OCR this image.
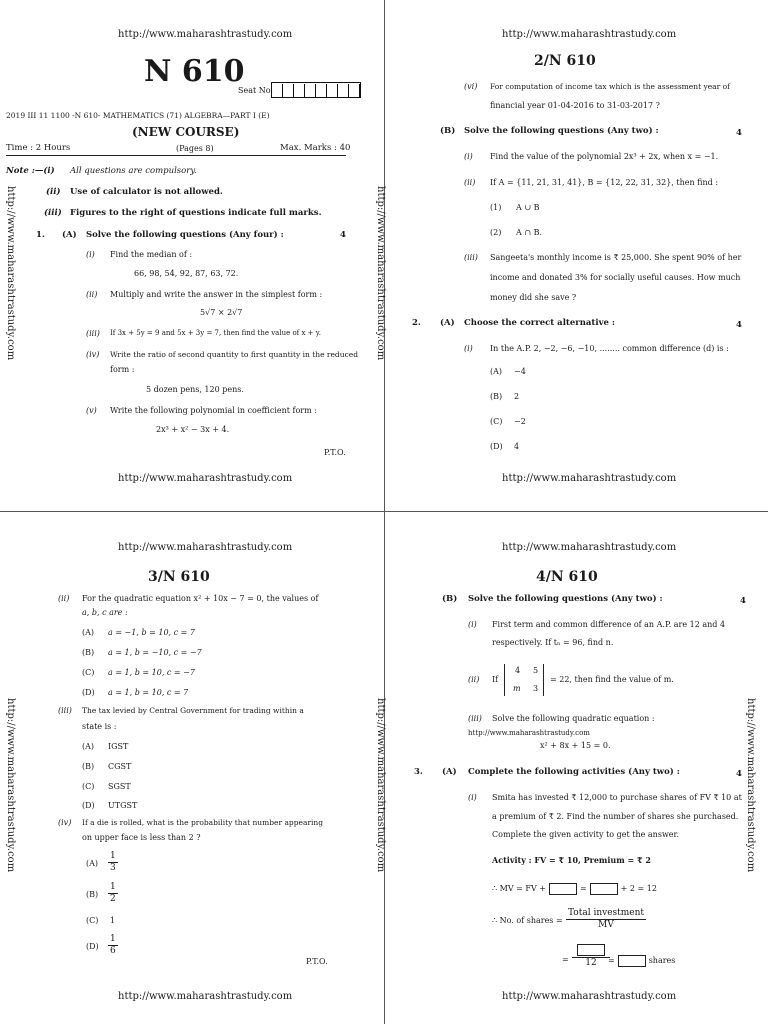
http://www.maharashtrastudy.com
http://www.maharashtrastudy.com
N 610
Seat No.
2019 III 11 1100 -N 610- MATHEMATICS (71) ALGEBRA—PART I (E)
(NEW COURSE)
Time : 2 Hours	(Pages 8)	Max. Marks : 40
Note :—(i) All questions are compulsory.
(ii) Use of calculator is not allowed.
(iii) Figures to the right of questions indicate full marks.
1. (A) Solve the following questions (Any four) :	4
(i) Find the median of :
66, 98, 54, 92, 87, 63, 72.
(ii) Multiply and write the answer in the simplest form :
5√7 × 2√7
(iii) If 3x + 5y = 9 and 5x + 3y = 7, then find the value of x + y.
(iv) Write the ratio of second quantity to first quantity in the reduced
form :
5 dozen pens, 120 pens.
(v) Write the following polynomial in coefficient form :
2x³ + x² − 3x + 4.
P.T.O.
http://www.maharashtrastudy.com
http://www.maharashtrastudy.com
http://www.maharashtrastudy.com
2/N 610
(vi) For computation of income tax which is the assessment year of
financial year 01-04-2016 to 31-03-2017 ?
(B) Solve the following questions (Any two) :	4
(i) Find the value of the polynomial 2x³ + 2x, when x = −1.
(ii) If A = {11, 21, 31, 41}, B = {12, 22, 31, 32}, then find :
(1) A ∪ B
(2) A ∩ B.
(iii) Sangeeta's monthly income is ₹ 25,000. She spent 90% of her
income and donated 3% for socially useful causes. How much
money did she save ?
2. (A) Choose the correct alternative :	4
(i) In the A.P. 2, −2, −6, −10, ........ common difference (d) is :
(A) −4
(B) 2
(C) −2
(D) 4
http://www.maharashtrastudy.com
http://www.maharashtrastudy.com
http://www.maharashtrastudy.com
3/N 610
(ii) For the quadratic equation x² + 10x − 7 = 0, the values of
a, b, c are :
(A) a = −1, b = 10, c = 7
(B) a = 1, b = −10, c = −7
(C) a = 1, b = 10, c = −7
(D) a = 1, b = 10, c = 7
(iii) The tax levied by Central Government for trading within a
state is :
(A) IGST
(B) CGST
(C) SGST
(D) UTGST
(iv) If a die is rolled, what is the probability that number appearing
on upper face is less than 2 ?
$(A) \frac{1}{3}$
$(B) \frac{1}{2}$
(C) 1
$(D) \frac{1}{6}$
P.T.O.
http://www.maharashtrastudy.com
http://www.maharashtrastudy.com
http://www.maharashtrastudy.com	http://www.maharashtrastudy.com
4/N 610
(B) Solve the following questions (Any two) :	4
(i) First term and common difference of an A.P. are 12 and 4
respectively. If tₙ = 96, find n.
(ii) If
4 5
m 3
= 22, then find the value of m.
(iii) Solve the following quadratic equation :
http://www.maharashtrastudy.com
x² + 8x + 15 = 0.
3. (A) Complete the following activities (Any two) :	4
(i) Smita has invested ₹ 12,000 to purchase shares of FV ₹ 10 at
a premium of ₹ 2. Find the number of shares she purchased.
Complete the given activity to get the answer.
Activity : FV = ₹ 10, Premium = ₹ 2
∴ MV = FV +	=	+ 2 = 12
∴ No. of shares =
Total investment
MV
=	12	=	shares
http://www.maharashtrastudy.com
